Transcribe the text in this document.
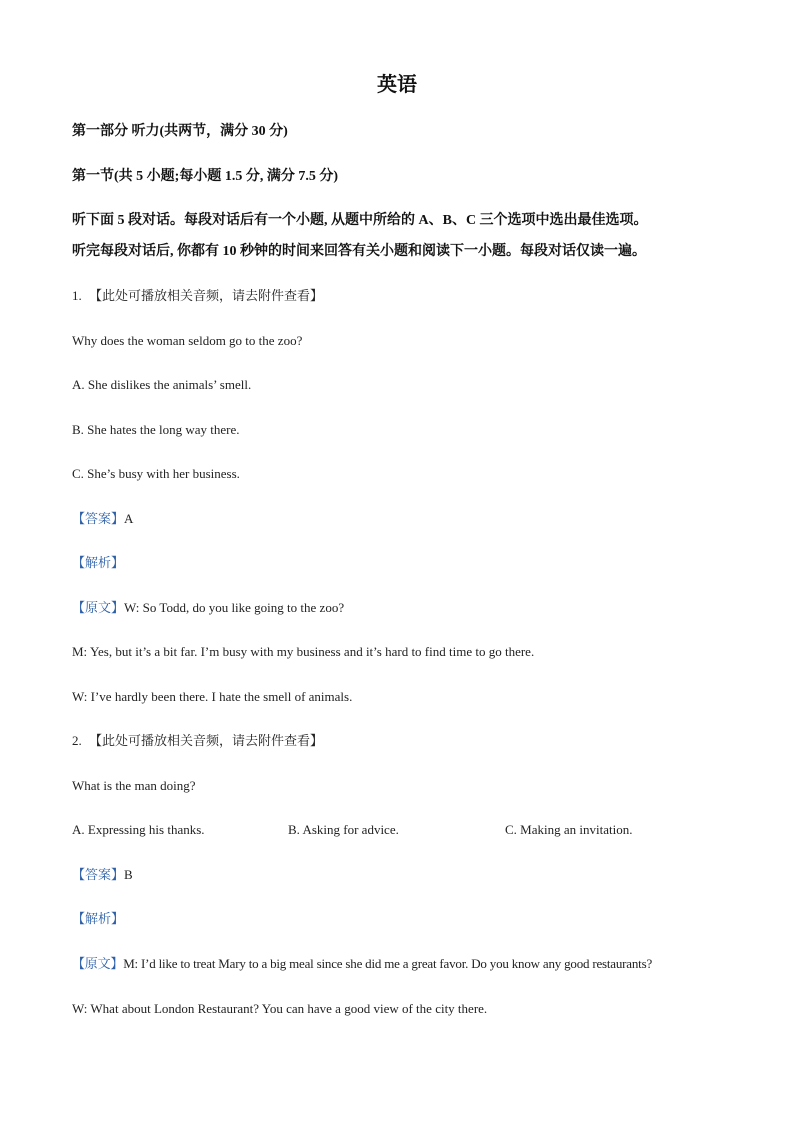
英语
第一部分 听力(共两节，满分 30 分)
第一节(共 5 小题;每小题 1.5 分, 满分 7.5 分)
听下面 5 段对话。每段对话后有一个小题, 从题中所给的 A、B、C 三个选项中选出最佳选项。
听完每段对话后, 你都有 10 秒钟的时间来回答有关小题和阅读下一小题。每段对话仅读一遍。
1. 【此处可播放相关音频，请去附件查看】
Why does the woman seldom go to the zoo?
A. She dislikes the animals’ smell.
B. She hates the long way there.
C. She’s busy with her business.
【答案】A
【解析】
【原文】W: So Todd, do you like going to the zoo?
M: Yes, but it’s a bit far. I’m busy with my business and it’s hard to find time to go there.
W: I’ve hardly been there. I hate the smell of animals.
2. 【此处可播放相关音频，请去附件查看】
What is the man doing?
A. Expressing his thanks.	B. Asking for advice.	C. Making an invitation.
【答案】B
【解析】
【原文】M: I’d like to treat Mary to a big meal since she did me a great favor. Do you know any good restaurants?
W: What about London Restaurant? You can have a good view of the city there.
